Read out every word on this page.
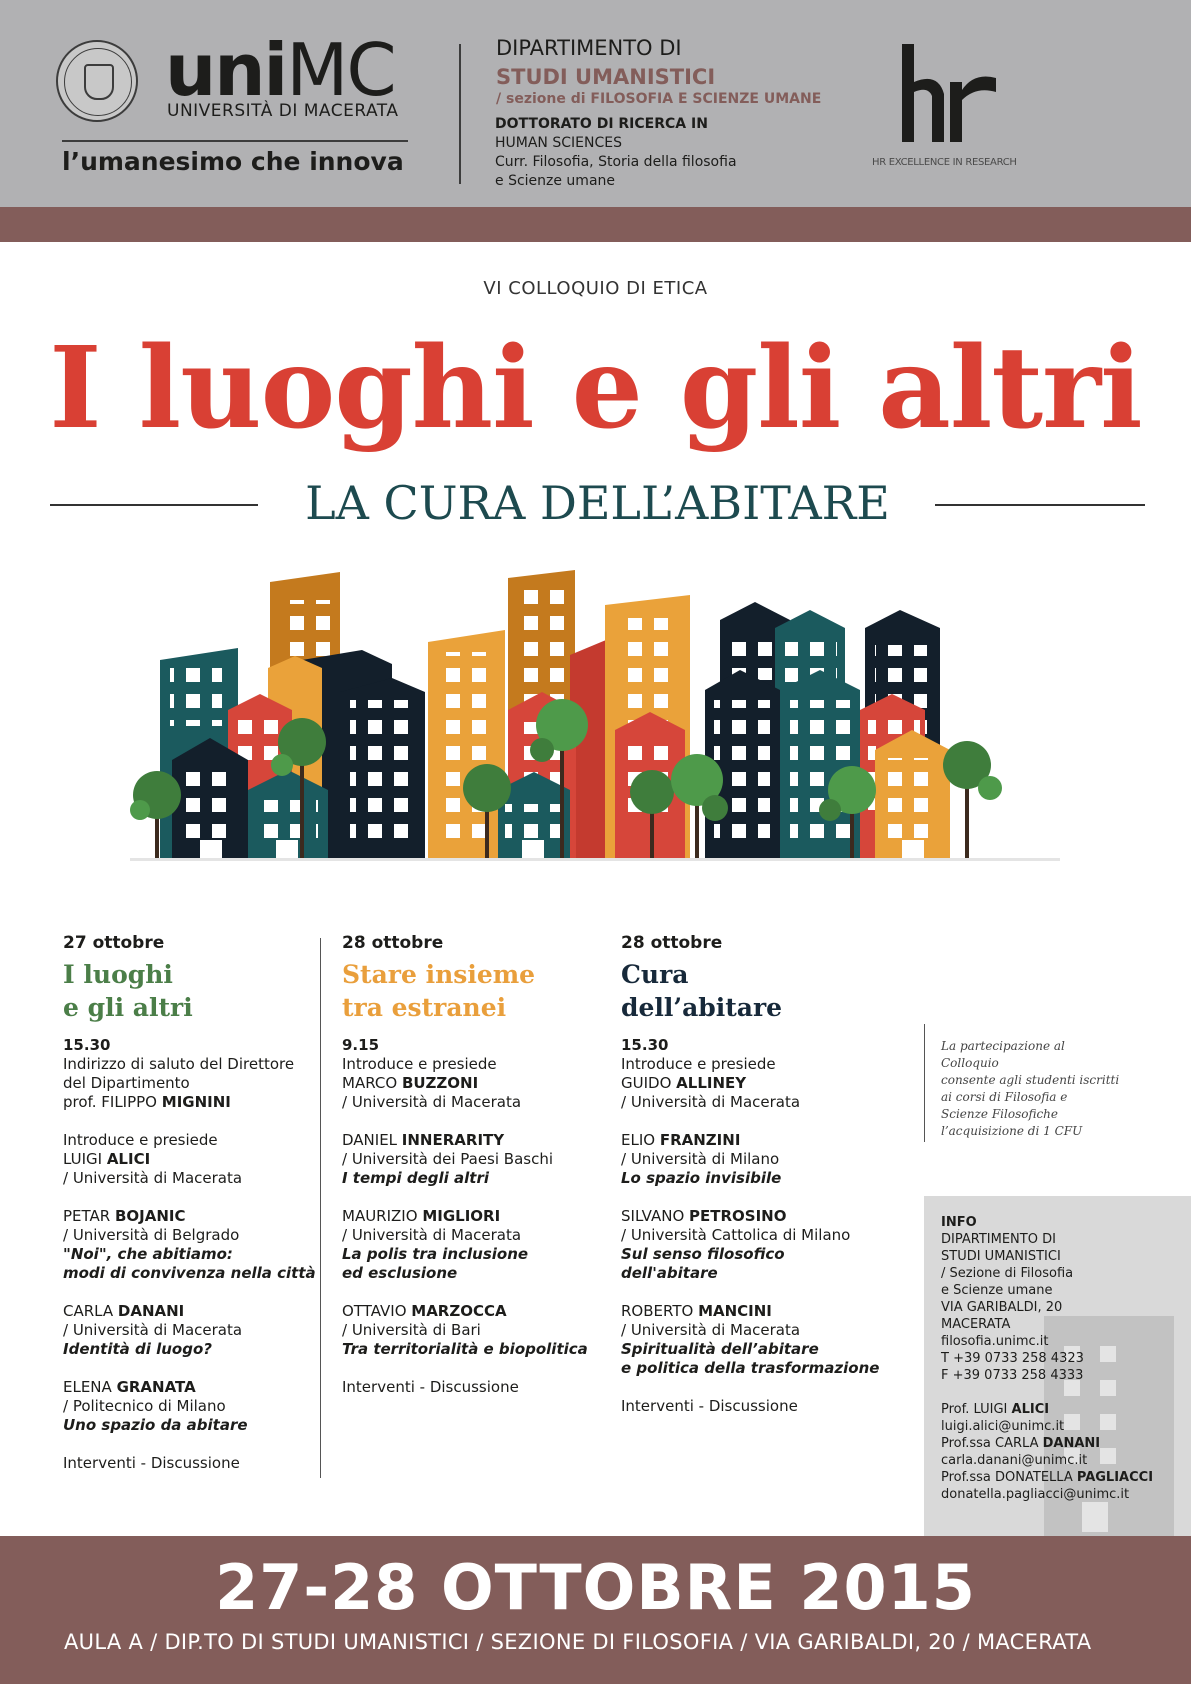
uniMC
UNIVERSITÀ DI MACERATA
l’umanesimo che innova
DIPARTIMENTO DI
STUDI UMANISTICI
/ sezione di FILOSOFIA E SCIENZE UMANE
DOTTORATO DI RICERCA IN
HUMAN SCIENCES
Curr. Filosofia, Storia della filosofia
e Scienze umane
HR EXCELLENCE IN RESEARCH
VI COLLOQUIO DI ETICA
I luoghi e gli altri
LA CURA DELL’ABITARE
27 ottobre
I luoghi
e gli altri
15.30
Indirizzo di saluto del Direttore
del Dipartimento
prof. FILIPPO MIGNINI
Introduce e presiede
LUIGI ALICI
/ Università di Macerata
PETAR BOJANIC
/ Università di Belgrado
"Noi", che abitiamo:
modi di convivenza nella città
CARLA DANANI
/ Università di Macerata
Identità di luogo?
ELENA GRANATA
/ Politecnico di Milano
Uno spazio da abitare
Interventi - Discussione
28 ottobre
Stare insieme
tra estranei
9.15
Introduce e presiede
MARCO BUZZONI
/ Università di Macerata
DANIEL INNERARITY
/ Università dei Paesi Baschi
I tempi degli altri
MAURIZIO MIGLIORI
/ Università di Macerata
La polis tra inclusione
ed esclusione
OTTAVIO MARZOCCA
/ Università di Bari
Tra territorialità e biopolitica
Interventi - Discussione
28 ottobre
Cura
dell’abitare
15.30
Introduce e presiede
GUIDO ALLINEY
/ Università di Macerata
ELIO FRANZINI
/ Università di Milano
Lo spazio invisibile
SILVANO PETROSINO
/ Università Cattolica di Milano
Sul senso filosofico dell'abitare
ROBERTO MANCINI
/ Università di Macerata
Spiritualità dell’abitare
e politica della trasformazione
Interventi - Discussione
La partecipazione al Colloquio
consente agli studenti iscritti
ai corsi di Filosofia e
Scienze Filosofiche
l’acquisizione di 1 CFU
INFO
DIPARTIMENTO DI
STUDI UMANISTICI
/ Sezione di Filosofia
e Scienze umane
VIA GARIBALDI, 20
MACERATA
filosofia.unimc.it
T +39 0733 258 4323
F +39 0733 258 4333
Prof. LUIGI ALICI
luigi.alici@unimc.it
Prof.ssa CARLA DANANI
carla.danani@unimc.it
Prof.ssa DONATELLA PAGLIACCI
donatella.pagliacci@unimc.it
27-28 OTTOBRE 2015
AULA A / DIP.TO DI STUDI UMANISTICI / SEZIONE DI FILOSOFIA / VIA GARIBALDI, 20 / MACERATA
